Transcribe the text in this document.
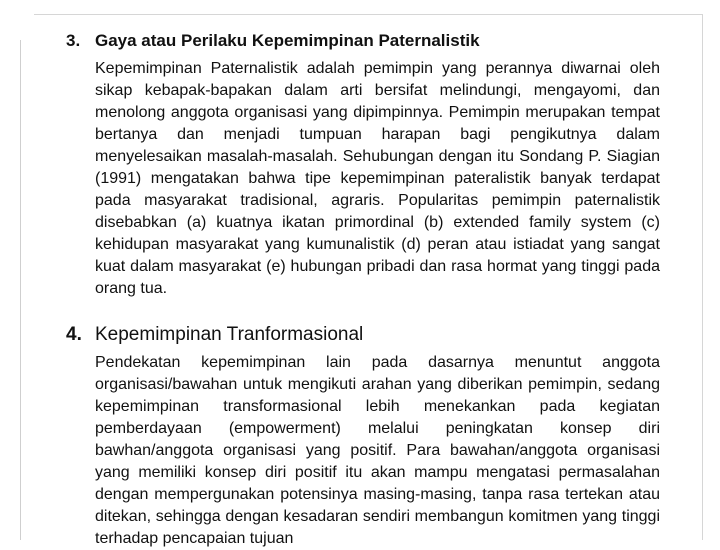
3. Gaya atau Perilaku Kepemimpinan Paternalistik
Kepemimpinan Paternalistik adalah pemimpin yang perannya diwarnai oleh sikap kebapak-bapakan dalam arti bersifat melindungi, mengayomi, dan menolong anggota organisasi yang dipimpinnya. Pemimpin merupakan tempat bertanya dan menjadi tumpuan harapan bagi pengikutnya dalam menyelesaikan masalah-masalah. Sehubungan dengan itu Sondang P. Siagian (1991) mengatakan bahwa tipe kepemimpinan pateralistik banyak terdapat pada masyarakat tradisional, agraris. Popularitas pemimpin paternalistik disebabkan (a) kuatnya ikatan primordinal (b) extended family system (c) kehidupan masyarakat yang kumunalistik (d) peran atau istiadat yang sangat kuat dalam masyarakat (e) hubungan pribadi dan rasa hormat yang tinggi pada orang tua.
4. Kepemimpinan Tranformasional
Pendekatan kepemimpinan lain pada dasarnya menuntut anggota organisasi/bawahan untuk mengikuti arahan yang diberikan pemimpin, sedang kepemimpinan transformasional lebih menekankan pada kegiatan pemberdayaan (empowerment) melalui peningkatan konsep diri bawhan/anggota organisasi yang positif. Para bawahan/anggota organisasi yang memiliki konsep diri positif itu akan mampu mengatasi permasalahan dengan mempergunakan potensinya masing-masing, tanpa rasa tertekan atau ditekan, sehingga dengan kesadaran sendiri membangun komitmen yang tinggi terhadap pencapaian tujuan
